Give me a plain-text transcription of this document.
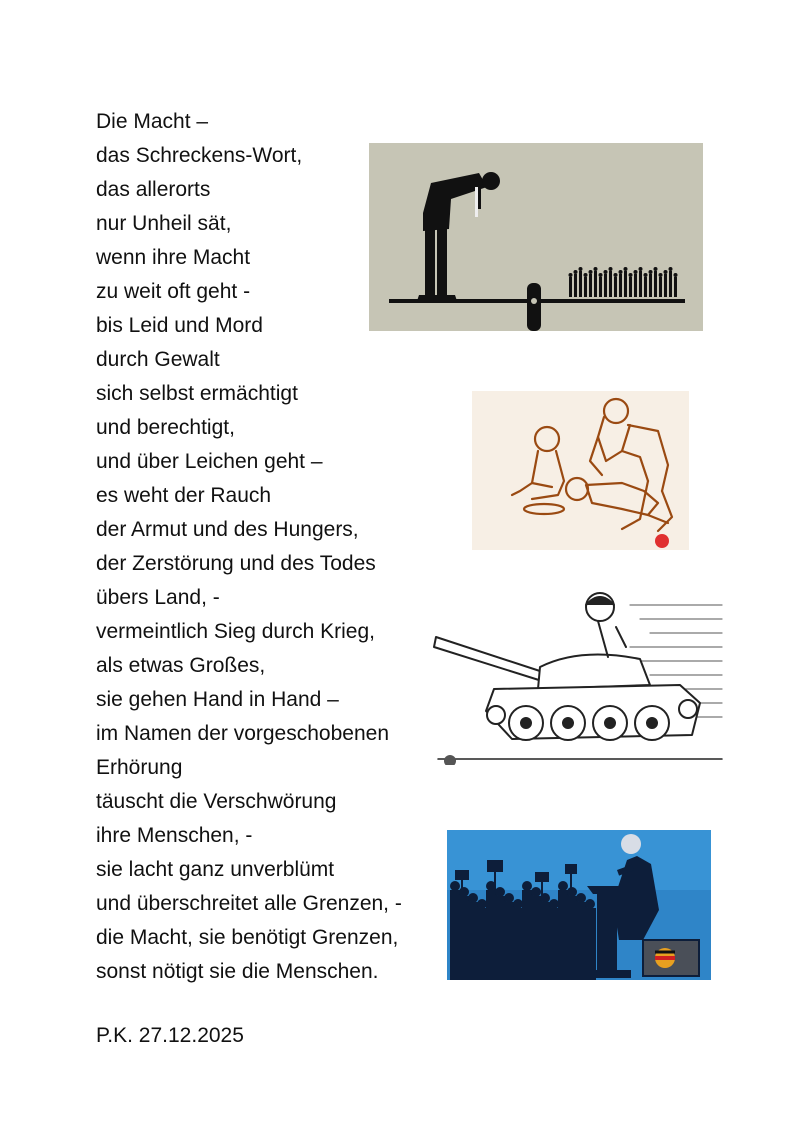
Die Macht –
das Schreckens-Wort,
das allerorts
nur Unheil sät,
wenn ihre Macht
zu weit oft geht -
bis Leid und Mord
durch Gewalt
sich selbst ermächtigt
und berechtigt,
und über Leichen geht –
es weht der Rauch
der Armut und des Hungers,
der Zerstörung und des Todes
übers Land, -
vermeintlich Sieg durch Krieg,
als etwas Großes,
sie gehen Hand in Hand –
im Namen der vorgeschobenen
Erhörung
täuscht die Verschwörung
ihre Menschen, -
sie lacht ganz unverblümt
und überschreitet alle Grenzen, -
die Macht, sie benötigt Grenzen,
sonst nötigt sie die Menschen.
P.K. 27.12.2025
